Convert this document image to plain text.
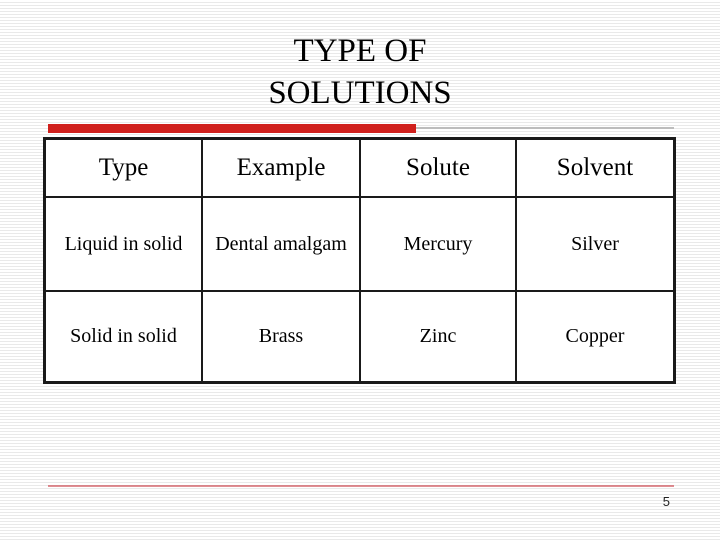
TYPE OF
SOLUTIONS
Type	Example	Solute	Solvent
Liquid in solid	Dental amalgam	Mercury	Silver
Solid in solid	Brass	Zinc	Copper
5
